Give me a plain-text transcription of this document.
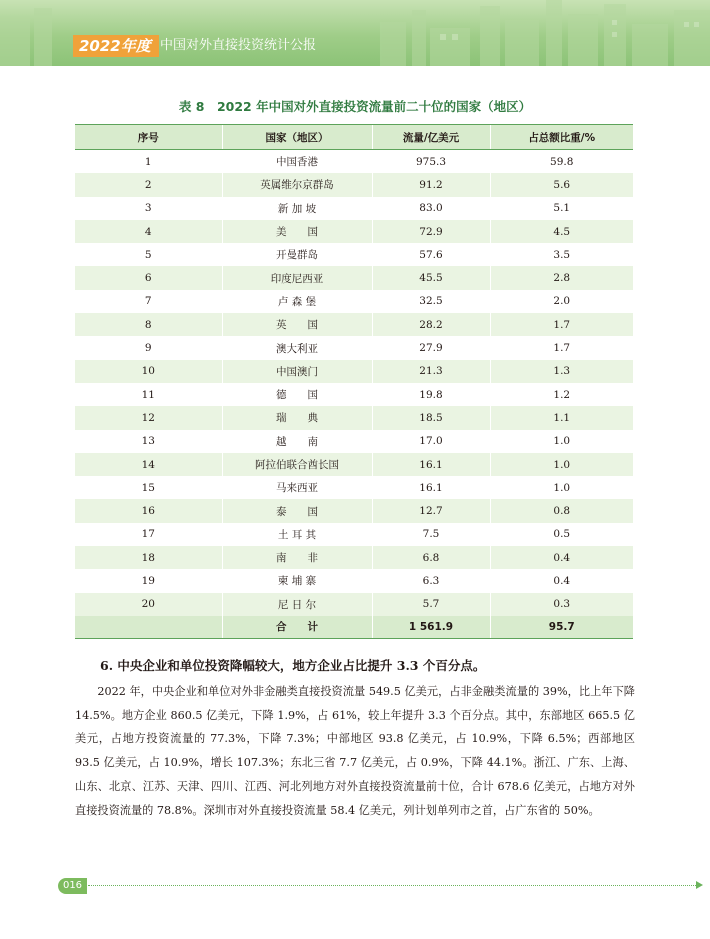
2022年度 中国对外直接投资统计公报
表 8　2022 年中国对外直接投资流量前二十位的国家（地区）
序号	国家（地区）	流量/亿美元	占总额比重/%
1	中国香港	975.3	59.8
2	英属维尔京群岛	91.2	5.6
3	新 加 坡	83.0	5.1
4	美　　国	72.9	4.5
5	开曼群岛	57.6	3.5
6	印度尼西亚	45.5	2.8
7	卢 森 堡	32.5	2.0
8	英　　国	28.2	1.7
9	澳大利亚	27.9	1.7
10	中国澳门	21.3	1.3
11	德　　国	19.8	1.2
12	瑞　　典	18.5	1.1
13	越　　南	17.0	1.0
14	阿拉伯联合酋长国	16.1	1.0
15	马来西亚	16.1	1.0
16	泰　　国	12.7	0.8
17	土 耳 其	7.5	0.5
18	南　　非	6.8	0.4
19	柬 埔 寨	6.3	0.4
20	尼 日 尔	5.7	0.3
	合　　计	1 561.9	95.7
6. 中央企业和单位投资降幅较大，地方企业占比提升 3.3 个百分点。
2022 年，中央企业和单位对外非金融类直接投资流量 549.5 亿美元，占非金融类流量的 39%，比上年下降 14.5%。地方企业 860.5 亿美元，下降 1.9%，占 61%，较上年提升 3.3 个百分点。其中，东部地区 665.5 亿美元，占地方投资流量的 77.3%，下降 7.3%；中部地区 93.8 亿美元，占 10.9%，下降 6.5%；西部地区 93.5 亿美元，占 10.9%，增长 107.3%；东北三省 7.7 亿美元，占 0.9%，下降 44.1%。浙江、广东、上海、山东、北京、江苏、天津、四川、江西、河北列地方对外直接投资流量前十位，合计 678.6 亿美元，占地方对外直接投资流量的 78.8%。深圳市对外直接投资流量 58.4 亿美元，列计划单列市之首，占广东省的 50%。
016
